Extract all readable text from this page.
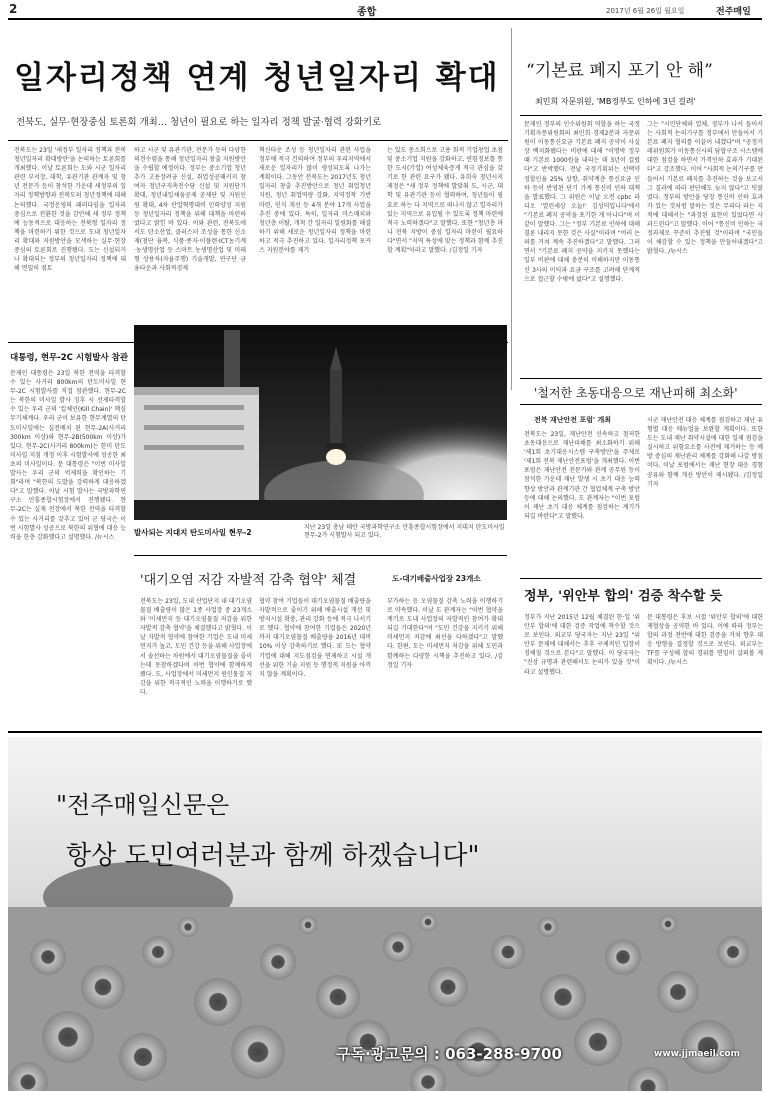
2	종합	2017년 6월 26일 월요일	전주매일
일자리정책 연계 청년일자리 확대
전북도, 실무·현장중심 토론회 개최… 청년이 필요로 하는 일자리 정책 발굴·협력 강화키로
전북도는 23일 '새정부 일자리 정책과 전북 청년일자리 확대방안'을 논의하는 토론회를 개최했다. 이날 토론회는 도와 시군 일자리관련 부서장, 대학, 유관기관 관계자 및 청년 전문가 등이 참석한 가운데 새정부의 일자리 정책방향과 전북도의 청년정책에 대해 논의했다. 국정운영의 패러다임을 일자리 중심으로 전환한 것을 감안해 새 정부 정책에 능동적으로 대응하는 전북형 일자리 정책을 마련하기 위한 것으로 도내 청년일자리 확대와 지원방안을 모색하는 실무·현장중심의 토론회로 진행됐다. 도는 신설되거나 확대되는 정부의 청년일자리 정책에 대해 면밀히 점토
하고 시군 및 유관기관, 전문가 등의 다양한 의견수렴을 통해 청년일자리 창출 지원방안을 수립할 예정이다. 정부는 중소기업 청년 추가 고용장려금 신설, 취업성공패키지 참여자 청년구직촉진수당 신설 및 지원단가 확대, 청년내일채움공제 공제단 및 지원인원 확대, 4차 산업혁명대비 인력양성 지원 등 청년일자리 정책을 위해 대책을 마련하였다고 밝힌 바 있다. 이와 관련, 전북도에서도 탄소산업, 클러스터 조성을 통한 신소재(첨단 융복, 식품·종자·이플랜·ICT농기계·농생명산업 등 스마트 농생명산업 및 미래형 상용차(자율주행) 기술개발, 연구단 금융타운과 사회적경제
혁신타운 조성 등 청년일자리 관련 사업을 정부에 적극 건의하여 정부의 우리지역에서 새로운 일자리가 많이 생성되도록 나가는 계획이다. 그동안 전북도는 2017년도 청년일자리 창출 추진방안으로 청년 취업청년 지원, 청년 취업역량 강화, 지역정착 기반 마련, 인식 개선 등 4개 분야 17개 사업을 추진 중에 있다. 특히, 일자리 미스매치와 청년층 이탈, 개척 간 일자리 일원화를 해결하기 위해 새로운 청년일자리 정책을 마련하고 적극 추진하고 있다. 일자리정책 포커스 지원분야를 제기
는 있도 중소회으로 고용 회적 기업창업 초점 및 중소기업 지원을 강화하고, 연령정보를 통한 도시(기업) 여성체육증게 적극 관심을 갖기로 한 관련 요구가 됐다. 유희숙 청년시지재정은 "새 정부 정책에 발맞춰 도, 시군, 대학 및 유관기관 등이 협력하여, 청년들이 필요로 하는 다 지역으로 떠나지 않고 일자리가 있는 지역으로 유입될 수 있도록 정책 마련에 적극 노력하겠다"고 말했다. 또한 "청년층 마니 전북 지방이 중심 일자리 마련이 필요하다"면서 "지역 특성에 맞는 정책과 함께 추진할 계획"이라고 말했다. /김정일 기자
“기본료 폐지 포기 안 해”
최민희 자문위원, 'MB정부도 인하에 3년 걸려'
문재인 정부의 인수위원회 역할을 하는 국정기획자문위원회의 최민희 경제2분과 자문위원이 이동통신요금 기본료 폐지 공약이 사실상 백지화됐다는 비판에 대해 "이명박 정부 때 기본료 1000원을 내리는 데 3년이 걸렸다"고 반박했다. 전날 국정기획위는 선택약정할인율 25% 상향, 취약계층 통신요금 인하 등이 반영된 단기 가계 통신비 인하 대책을 발표했다. 그 위원은 이날 오전 cpbc 라디오 '열린세상 오늘!' 김성덕입니다'에서 "기본료 폐지 공약을 포기한 게 아니다"며 이같이 말했다. 그는 "정부 기본료 인하에 대해 결론 내리지 못한 것은 사실"이라며 "여러 논의를 거쳐 계속 추진하겠다"고 말했다. 그러면서 "기본료 폐지 공약을 지키지 못했다는 일부 비판에 대해 충분히 이해하지만 이동통신 3사의 이익과 요금 구조를 고려해 단계적으로 접근할 수밖에 없다"고 설명했다.
그는 "시민단체와 업체, 정부가 나서 들어서는 사회적 논의기구를 정부에서 만들어서 기본료 폐지 협의를 이끌어 내겠다"며 "공정거래위원회가 이동통신사의 담합구조 시스템에 대한 점검을 하면서 가격인하 효과가 기대된다"고 강조했다. 이어 "사회적 논의기구를 만들어서 기본료 폐지를 추진하는 것을 보고서 그 결과에 따라 판단해도 늦지 않다"고 덧붙였다. 정부의 방안을 당장 통신비 인하 효과가 있는 것처럼 말하는 것은 무리다 라는 지적에 대해서는 "과장된 표현이 있었다면 사과드린다"고 말했다. 이어 "통신비 인하는 국정과제로 꾸준히 추진될 것"이라며 "국민들이 체감할 수 있는 정책을 만들어내겠다"고 밝혔다. /뉴시스
대통령, 현무-2C 시험발사 참관
문재인 대통령은 23일 북한 전역을 타격할 수 있는 사거리 800km의 탄도미사일 현무-2C 시험발사를 직접 참관했다. 현무-2C는 북한의 미사일 발사 징후 시 선제타격할 수 있는 우리 군의 '킬체인(Kill Chain)' 핵심무기체계다. 우리 군이 보유한 현무계열의 탄도미사일에는 실전배치 된 현무-2A(사거리 300km 이상)와 현무-2B(500km 이상)가 있다. 현무-2C(사거리 800km)는 한미 탄도미사일 지침 개정 이후 시험발사에 성공한 최초의 미사일이다. 문 대통령은 "이번 미사일 발사는 우리 군의 억제력을 확인하는 기회"라며 "북한의 도발을 강력하게 대응하겠다"고 말했다. 이날 시험 발사는 국방과학연구소 안흥종합시험장에서 진행됐다. 현무-2C는 실제 전장에서 북한 전역을 타격할 수 있는 사거리를 갖추고 있어 군 당국은 이번 시험발사 성공으로 북한의 위협에 대응 능력을 한층 강화했다고 설명했다. /뉴시스
발사되는 지대지 탄도미사일 현무-2
지난 23일 충남 태안 국방과학연구소 안흥종합시험장에서 지대지 탄도미사일 현무-2가 시험발사 되고 있다.
'대기오염 저감 자발적 감축 협약' 체결	도-대기배출사업장 23개소
전북도는 23일, 도내 산업단지 내 대기오염물질 배출량이 많은 1종 사업장 중 23개소와 '미세먼지 등 대기오염물질 저감을 위한 자발적 감축 협약'을 체결했다고 밝혔다. 이날 자발적 협약에 참여한 기업은 도내 미세먼지가 높고, 도민 건강 등을 위해 사업장에서 솔선하는 차원에서 대기오염물질을 줄이는데 동참하겠다며 이번 협약에 함께하게 됐다. 도, 사업장에서 미세먼지 원인물질 저감을 위한 적극적인 노력을 이행하기로 했다.
협약 참여 기업들이 대기오염물질 배출량을 자발적으로 줄이기 위해 배출시설 개선 및 방지시설 확충, 관리 강화 등에 적극 나서기로 했다. 협약에 참여한 기업들은 2020년까지 대기오염물질 배출량을 2016년 대비 10% 이상 감축하기로 했다. 또 도는 협약 기업에 대해 지도점검을 면제하고 시설 개선을 위한 기술 지원 등 행정적 지원을 아끼지 않을 계획이다.
부가하는 등 오염물질 감축 노력을 이행하기로 약속했다. 이날 도 관계자는 "이번 협약을 계기로 도내 사업장의 자발적인 참여가 확대되길 기대한다"며 "도민 건강을 지키기 위해 미세먼지 저감에 최선을 다하겠다"고 말했다. 한편, 도는 미세먼지 저감을 위해 도민과 함께하는 다양한 시책을 추진하고 있다. /김정일 기자
'철저한 초동대응으로 재난피해 최소화'
전북 재난안전 포럼' 개최
전북도는 23일, 재난안전 신속하고 철저한 초동대응으로 재난피해를 최소화하기 위해 '제1회 초기대응시스템 구축방안'을 주제로 '제1회 전북 재난안전포럼'을 개최했다. 이번 포럼은 재난안전 전문가와 관계 공무원 등이 참석한 가운데 재난 발생 시 초기 대응 능력 향상 방안과 관계기관 간 협업체계 구축 방안 등에 대해 논의했다. 도 관계자는 "이번 포럼이 재난 초기 대응 체계를 점검하는 계기가 되길 바란다"고 말했다.
시군 재난안전 대응 체계를 점검하고 재난 유형별 대응 매뉴얼을 보완할 계획이다. 또한 도는 도내 재난 취약시설에 대한 일제 점검을 실시하고 위험요소를 사전에 제거하는 등 예방 중심의 재난관리 체계를 강화해 나갈 방침이다. 이날 포럼에서는 재난 현장 대응 경험 공유와 함께 개선 방안이 제시됐다. /김정일 기자
정부, '위안부 합의' 검증 착수할 듯
정부가 지난 2015년 12월 체결된 한·일 '위안부 합의'에 대한 검증 작업에 착수할 것으로 보인다. 외교부 당국자는 지난 23일 "위안부 문제에 대해서는 추후 구체적인 입장이 정해질 것으로 본다"고 말했다. 이 당국자는 "진상 규명과 관련해서도 논의가 있을 것"이라고 설명했다.
문 대통령은 후보 시절 '위안부 합의'에 대한 재협상을 공약한 바 있다. 이에 따라 정부는 합의 과정 전반에 대한 검증을 거쳐 향후 대응 방향을 결정할 것으로 보인다. 외교부는 TF를 구성해 합의 경위를 면밀히 살펴볼 계획이다. /뉴시스
"전주매일신문은
항상 도민여러분과 함께 하겠습니다"
구독·광고문의 : 063-288-9700	www.jjmaeil.com
